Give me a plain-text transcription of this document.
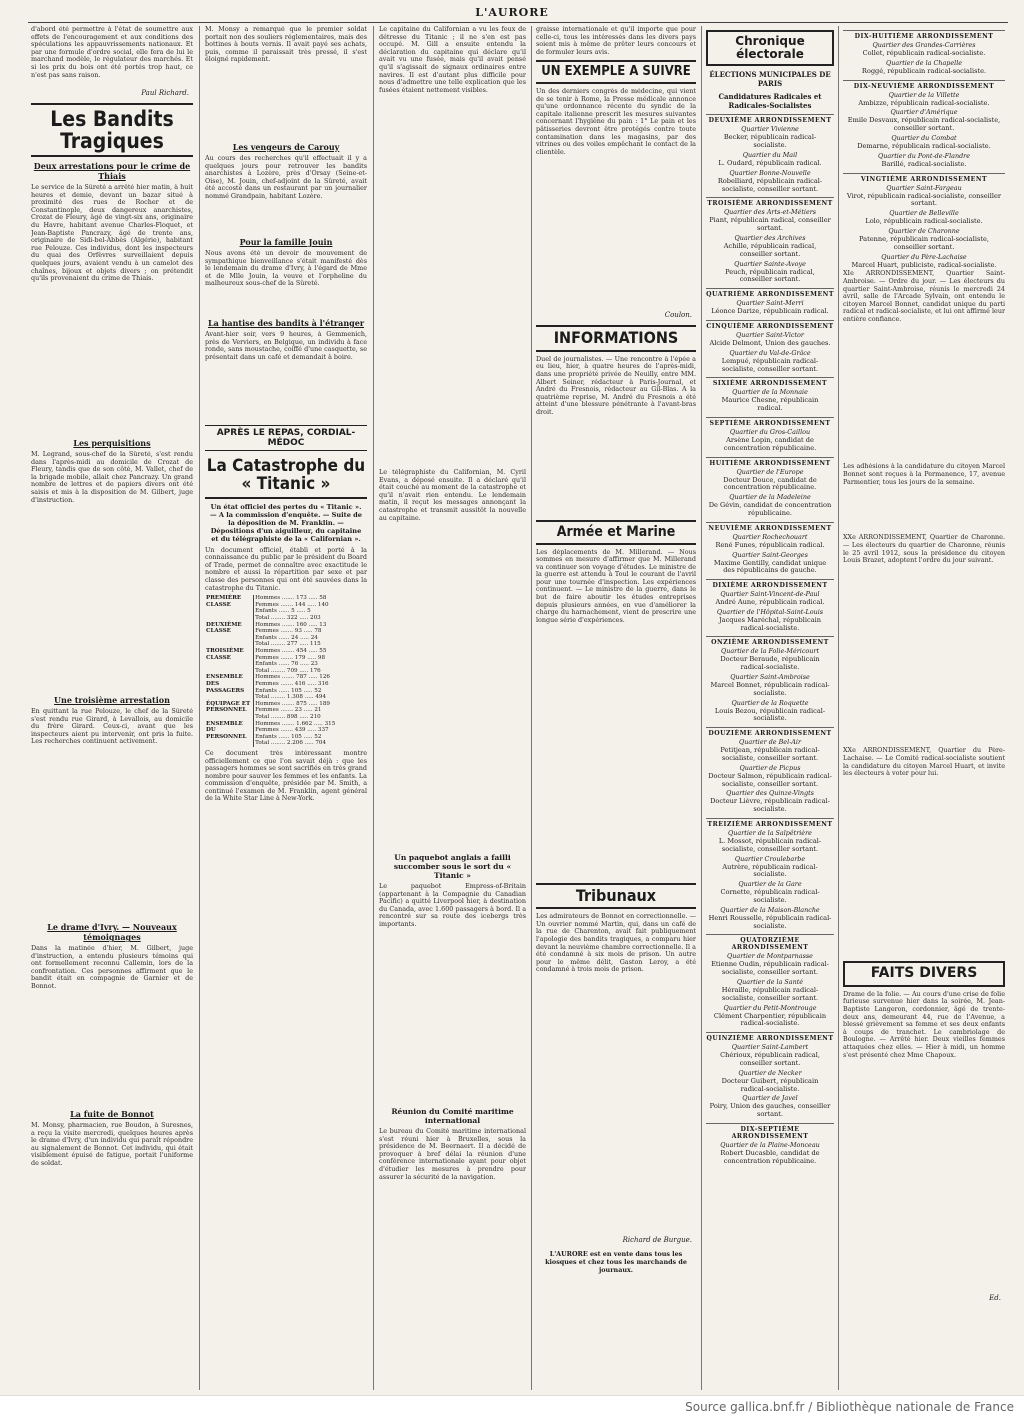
L'AURORE

d'abord été permettre à l'état de soumettre aux effets de l'encouragement et aux conditions des spéculations les appauvrissements nationaux. Et par une formule d'ordre social, elle fera de lui le marchand modèle, le régulateur des marchés. Et si les prix du bois ont été portés trop haut, ce n'est pas sans raison.

Paul Richard.
Les Bandits Tragiques
Deux arrestations pour le crime de Thiais

Le service de la Sûreté a arrêté hier matin, à huit heures et demie, devant un bazar situé à proximité des rues de Rocher et de Constantinople, deux dangereux anarchistes, Crozat de Fleury, âgé de vingt-six ans, originaire du Havre, habitant avenue Charles-Floquet, et Jean-Baptiste Pancrazy, âgé de trente ans, originaire de Sidi-bel-Abbès (Algérie), habitant rue Pelouze. Ces individus, dont les inspecteurs du quai des Orfèvres surveillaient depuis quelques jours, avaient vendu à un camelot des chaînes, bijoux et objets divers ; on prétendit qu'ils provenaient du crime de Thiais.

Les perquisitions

M. Legrand, sous-chef de la Sûreté, s'est rendu dans l'après-midi au domicile de Crozat de Fleury, tandis que de son côté, M. Vallet, chef de la brigade mobile, allait chez Pancrazy. Un grand nombre de lettres et de papiers divers ont été saisis et mis à la disposition de M. Gilbert, juge d'instruction.

Une troisième arrestation

En quittant la rue Pelouze, le chef de la Sûreté s'est rendu rue Girard, à Levallois, au domicile du frère Girard. Ceux-ci, avant que les inspecteurs aient pu intervenir, ont pris la fuite. Les recherches continuent activement.

Le drame d'Ivry. — Nouveaux témoignages

Dans la matinée d'hier, M. Gilbert, juge d'instruction, a entendu plusieurs témoins qui ont formellement reconnu Callemin, lors de la confrontation. Ces personnes affirment que le bandit était en compagnie de Garnier et de Bonnot.

La fuite de Bonnot

M. Monsy, pharmacien, rue Boudon, à Suresnes, a reçu la visite mercredi, quelques heures après le drame d'Ivry, d'un individu qui paraît répondre au signalement de Bonnot. Cet individu, qui était visiblement épuisé de fatigue, portait l'uniforme de soldat.

M. Monsy a remarqué que le premier soldat portait non des souliers réglementaires, mais des bottines à bouts vernis. Il avait payé ses achats, puis, comme il paraissait très pressé, il s'est éloigné rapidement.

Les vengeurs de Carouy

Au cours des recherches qu'il effectuait il y a quelques jours pour retrouver les bandits anarchistes à Lozère, près d'Orsay (Seine-et-Oise), M. Jouin, chef-adjoint de la Sûreté, avait été accosté dans un restaurant par un journalier nommé Grandpain, habitant Lozère.

Pour la famille Jouin

Nous avons été un devoir de mouvement de sympathique bienveillance s'était manifesté dès le lendemain du drame d'Ivry, à l'égard de Mme et de Mlle Jouin, la veuve et l'orpheline du malheureux sous-chef de la Sûreté.

La hantise des bandits à l'étranger

Avant-hier soir, vers 9 heures, à Gemmenich, près de Verviers, en Belgique, un individu à face ronde, sans moustache, coiffé d'une casquette, se présentait dans un café et demandait à boire.

APRÈS LE REPAS, CORDIAL-MÉDOC
La Catastrophe du « Titanic »
Un état officiel des pertes du « Titanic ». — A la commission d'enquête. — Suite de la déposition de M. Franklin. — Dépositions d'un aiguilleur, du capitaine et du télégraphiste de la « Californian ».

Un document officiel, établi et porté à la connaissance du public par le président du Board of Trade, permet de connaître avec exactitude le nombre et aussi la répartition par sexe et par classe des personnes qui ont été sauvées dans la catastrophe du Titanic.

PREMIÈRE CLASSE	Hommes ....... 173 ..... 58
	Femmes ....... 144 ..... 140
	Enfants ...... 5 ..... 5
	Total ........ 322 ..... 203
DEUXIÈME CLASSE	Hommes ....... 160 ..... 13
	Femmes ....... 93 ..... 78
	Enfants ...... 24 ..... 24
	Total ........ 277 ..... 115
TROISIÈME CLASSE	Hommes ....... 454 ..... 55
	Femmes ....... 179 ..... 98
	Enfants ...... 76 ..... 23
	Total ........ 709 ..... 176
ENSEMBLE DES PASSAGERS	Hommes ....... 787 ..... 126
	Femmes ....... 416 ..... 316
	Enfants ...... 105 ..... 52
	Total ........ 1.308 ..... 494
ÉQUIPAGE ET PERSONNEL	Hommes ....... 875 ..... 189
	Femmes ....... 23 ..... 21
	Total ........ 898 ..... 210
ENSEMBLE DU PERSONNEL	Hommes ....... 1.662 ..... 315
	Femmes ....... 439 ..... 337
	Enfants ...... 105 ..... 52
	Total ........ 2.206 ..... 704

Ce document très intéressant montre officiellement ce que l'on savait déjà : que les passagers hommes se sont sacrifiés en très grand nombre pour sauver les femmes et les enfants. La commission d'enquête, présidée par M. Smith, a continué l'examen de M. Franklin, agent général de la White Star Line à New-York.

Le capitaine du Californian a vu les feux de détresse du Titanic ; il ne s'en est pas occupé. M. Gill a ensuite entendu la déclaration du capitaine qui déclare qu'il avait vu une fusée, mais qu'il avait pensé qu'il s'agissait de signaux ordinaires entre navires. Il est d'autant plus difficile pour nous d'admettre une telle explication que les fusées étaient nettement visibles.

Le télégraphiste du Californian, M. Cyril Evans, a déposé ensuite. Il a déclaré qu'il était couché au moment de la catastrophe et qu'il n'avait rien entendu. Le lendemain matin, il reçut les messages annonçant la catastrophe et transmit aussitôt la nouvelle au capitaine.

Un paquebot anglais a failli succomber sous le sort du « Titanic »

Le paquebot Empress-of-Britain (appartenant à la Compagnie du Canadian Pacific) a quitté Liverpool hier, à destination du Canada, avec 1.600 passagers à bord. Il a rencontré sur sa route des icebergs très importants.

Réunion du Comité maritime international

Le bureau du Comité maritime international s'est réuni hier à Bruxelles, sous la présidence de M. Beernaert. Il a décidé de provoquer à bref délai la réunion d'une conférence internationale ayant pour objet d'étudier les mesures à prendre pour assurer la sécurité de la navigation.

graisse internationale et qu'il importe que pour celle-ci, tous les intéressés dans les divers pays soient mis à même de prêter leurs concours et de formuler leurs avis.

UN EXEMPLE A SUIVRE

Un des derniers congrès de médecine, qui vient de se tenir à Rome, la Presse médicale annonce qu'une ordonnance récente du syndic de la capitale italienne prescrit les mesures suivantes concernant l'hygiène du pain : 1° Le pain et les pâtisseries devront être protégés contre toute contamination dans les magasins, par des vitrines ou des voiles empêchant le contact de la clientèle.

Coulon.
INFORMATIONS

Duel de journalistes. — Une rencontre à l'épée a eu lieu, hier, à quatre heures de l'après-midi, dans une propriété privée de Neuilly, entre MM. Albert Seiner, rédacteur à Paris-Journal, et André du Fresnois, rédacteur au Gil-Blas. A la quatrième reprise, M. André du Fresnois a été atteint d'une blessure pénétrante à l'avant-bras droit.

Armée et Marine

Les déplacements de M. Millerand. — Nous sommes en mesure d'affirmer que M. Millerand va continuer son voyage d'études. Le ministre de la guerre est attendu à Toul le courant de l'avril pour une tournée d'inspection. Les expériences continuent. — Le ministre de la guerre, dans le but de faire aboutir les études entreprises depuis plusieurs années, en vue d'améliorer la charge du harnachement, vient de prescrire une longue série d'expériences.

Tribunaux

Les admirateurs de Bonnot en correctionnelle. — Un ouvrier nommé Martin, qui, dans un café de la rue de Charenton, avait fait publiquement l'apologie des bandits tragiques, a comparu hier devant la neuvième chambre correctionnelle. Il a été condamné à six mois de prison. Un autre pour le même délit, Gaston Leroy, a été condamné à trois mois de prison.

Richard de Burgue.
L'AURORE est en vente dans tous les kiosques et chez tous les marchands de journaux.
Chronique électorale
ÉLECTIONS MUNICIPALES DE PARIS
Candidatures Radicales et Radicales-Socialistes
DEUXIÈME ARRONDISSEMENT
Quartier Vivienne
Becker, républicain radical-socialiste.
Quartier du Mail
L. Oudard, républicain radical.
Quartier Bonne-Nouvelle
Robelliard, républicain radical-socialiste, conseiller sortant.
TROISIÈME ARRONDISSEMENT
Quartier des Arts-et-Métiers
Piant, républicain radical, conseiller sortant.
Quartier des Archives
Achille, républicain radical, conseiller sortant.
Quartier Sainte-Avoye
Peuch, républicain radical, conseiller sortant.
QUATRIÈME ARRONDISSEMENT
Quartier Saint-Merri
Léonce Darize, républicain radical.
CINQUIÈME ARRONDISSEMENT
Quartier Saint-Victor
Alcide Delmont, Union des gauches.
Quartier du Val-de-Grâce
Lempué, républicain radical-socialiste, conseiller sortant.
SIXIÈME ARRONDISSEMENT
Quartier de la Monnaie
Maurice Chesne, républicain radical.
SEPTIÈME ARRONDISSEMENT
Quartier du Gros-Caillou
Arsène Lopin, candidat de concentration républicaine.
HUITIÈME ARRONDISSEMENT
Quartier de l'Europe
Docteur Douce, candidat de concentration républicaine.
Quartier de la Madeleine
De Gévin, candidat de concentration républicaine.
NEUVIÈME ARRONDISSEMENT
Quartier Rochechouart
René Funes, républicain radical.
Quartier Saint-Georges
Maxime Gentilly, candidat unique des républicains de gauche.
DIXIÈME ARRONDISSEMENT
Quartier Saint-Vincent-de-Paul
André Aune, républicain radical.
Quartier de l'Hôpital-Saint-Louis
Jacques Maréchal, républicain radical-socialiste.
ONZIÈME ARRONDISSEMENT
Quartier de la Folie-Méricourt
Docteur Beraude, républicain radical-socialiste.
Quartier Saint-Ambroise
Marcel Bonnet, républicain radical-socialiste.
Quartier de la Roquette
Louis Bezou, républicain radical-socialiste.
DOUZIÈME ARRONDISSEMENT
Quartier de Bel-Air
Petitjean, républicain radical-socialiste, conseiller sortant.
Quartier de Picpus
Docteur Salmon, républicain radical-socialiste, conseiller sortant.
Quartier des Quinze-Vingts
Docteur Lièvre, républicain radical-socialiste.
TREIZIÈME ARRONDISSEMENT
Quartier de la Salpêtrière
L. Mossot, républicain radical-socialiste, conseiller sortant.
Quartier Croulebarbe
Autrère, républicain radical-socialiste.
Quartier de la Gare
Cornette, républicain radical-socialiste.
Quartier de la Maison-Blanche
Henri Rousselle, républicain radical-socialiste.
QUATORZIÈME ARRONDISSEMENT
Quartier de Montparnasse
Etienne Oudin, républicain radical-socialiste, conseiller sortant.
Quartier de la Santé
Héraille, républicain radical-socialiste, conseiller sortant.
Quartier du Petit-Montrouge
Clément Charpentier, républicain radical-socialiste.
QUINZIÈME ARRONDISSEMENT
Quartier Saint-Lambert
Chérioux, républicain radical, conseiller sortant.
Quartier de Necker
Docteur Guibert, républicain radical-socialiste.
Quartier de Javel
Poiry, Union des gauches, conseiller sortant.
DIX-SEPTIÈME ARRONDISSEMENT
Quartier de la Plaine-Monceau
Robert Ducasble, candidat de concentration républicaine.
DIX-HUITIÈME ARRONDISSEMENT
Quartier des Grandes-Carrières
Collet, républicain radical-socialiste.
Quartier de la Chapelle
Roggé, républicain radical-socialiste.
DIX-NEUVIÈME ARRONDISSEMENT
Quartier de la Villette
Ambizze, républicain radical-socialiste.
Quartier d'Amérique
Emile Desvaux, républicain radical-socialiste, conseiller sortant.
Quartier du Combat
Demarne, républicain radical-socialiste.
Quartier du Pont-de-Flandre
Barillé, radical-socialiste.
VINGTIÈME ARRONDISSEMENT
Quartier Saint-Fargeau
Virot, républicain radical-socialiste, conseiller sortant.
Quartier de Belleville
Lolo, républicain radical-socialiste.
Quartier de Charonne
Patenne, républicain radical-socialiste, conseiller sortant.
Quartier du Père-Lachaise
Marcel Huart, publiciste, radical-socialiste.

XIe ARRONDISSEMENT, Quartier Saint-Ambroise. — Ordre du jour. — Les électeurs du quartier Saint-Ambroise, réunis le mercredi 24 avril, salle de l'Arcade Sylvain, ont entendu le citoyen Marcel Bonnet, candidat unique du parti radical et radical-socialiste, et lui ont affirmé leur entière confiance.

Les adhésions à la candidature du citoyen Marcel Bonnet sont reçues à la Permanence, 17, avenue Parmentier, tous les jours de la semaine.

XXe ARRONDISSEMENT, Quartier de Charonne. — Les électeurs du quartier de Charonne, réunis le 25 avril 1912, sous la présidence du citoyen Louis Brazet, adoptent l'ordre du jour suivant.

XXe ARRONDISSEMENT, Quartier du Père-Lachaise. — Le Comité radical-socialiste soutient la candidature du citoyen Marcel Huart, et invite les électeurs à voter pour lui.

FAITS DIVERS

Drame de la folie. — Au cours d'une crise de folie furieuse survenue hier dans la soirée, M. Jean-Baptiste Langeron, cordonnier, âgé de trente-deux ans, demeurant 44, rue de l'Avenue, a blessé grièvement sa femme et ses deux enfants à coups de tranchet. Le cambriolage de Boulogne. — Arrêté hier. Deux vieilles femmes attaquées chez elles. — Hier à midi, un homme s'est présenté chez Mme Chapoux.

Ed.
Source gallica.bnf.fr / Bibliothèque nationale de France
